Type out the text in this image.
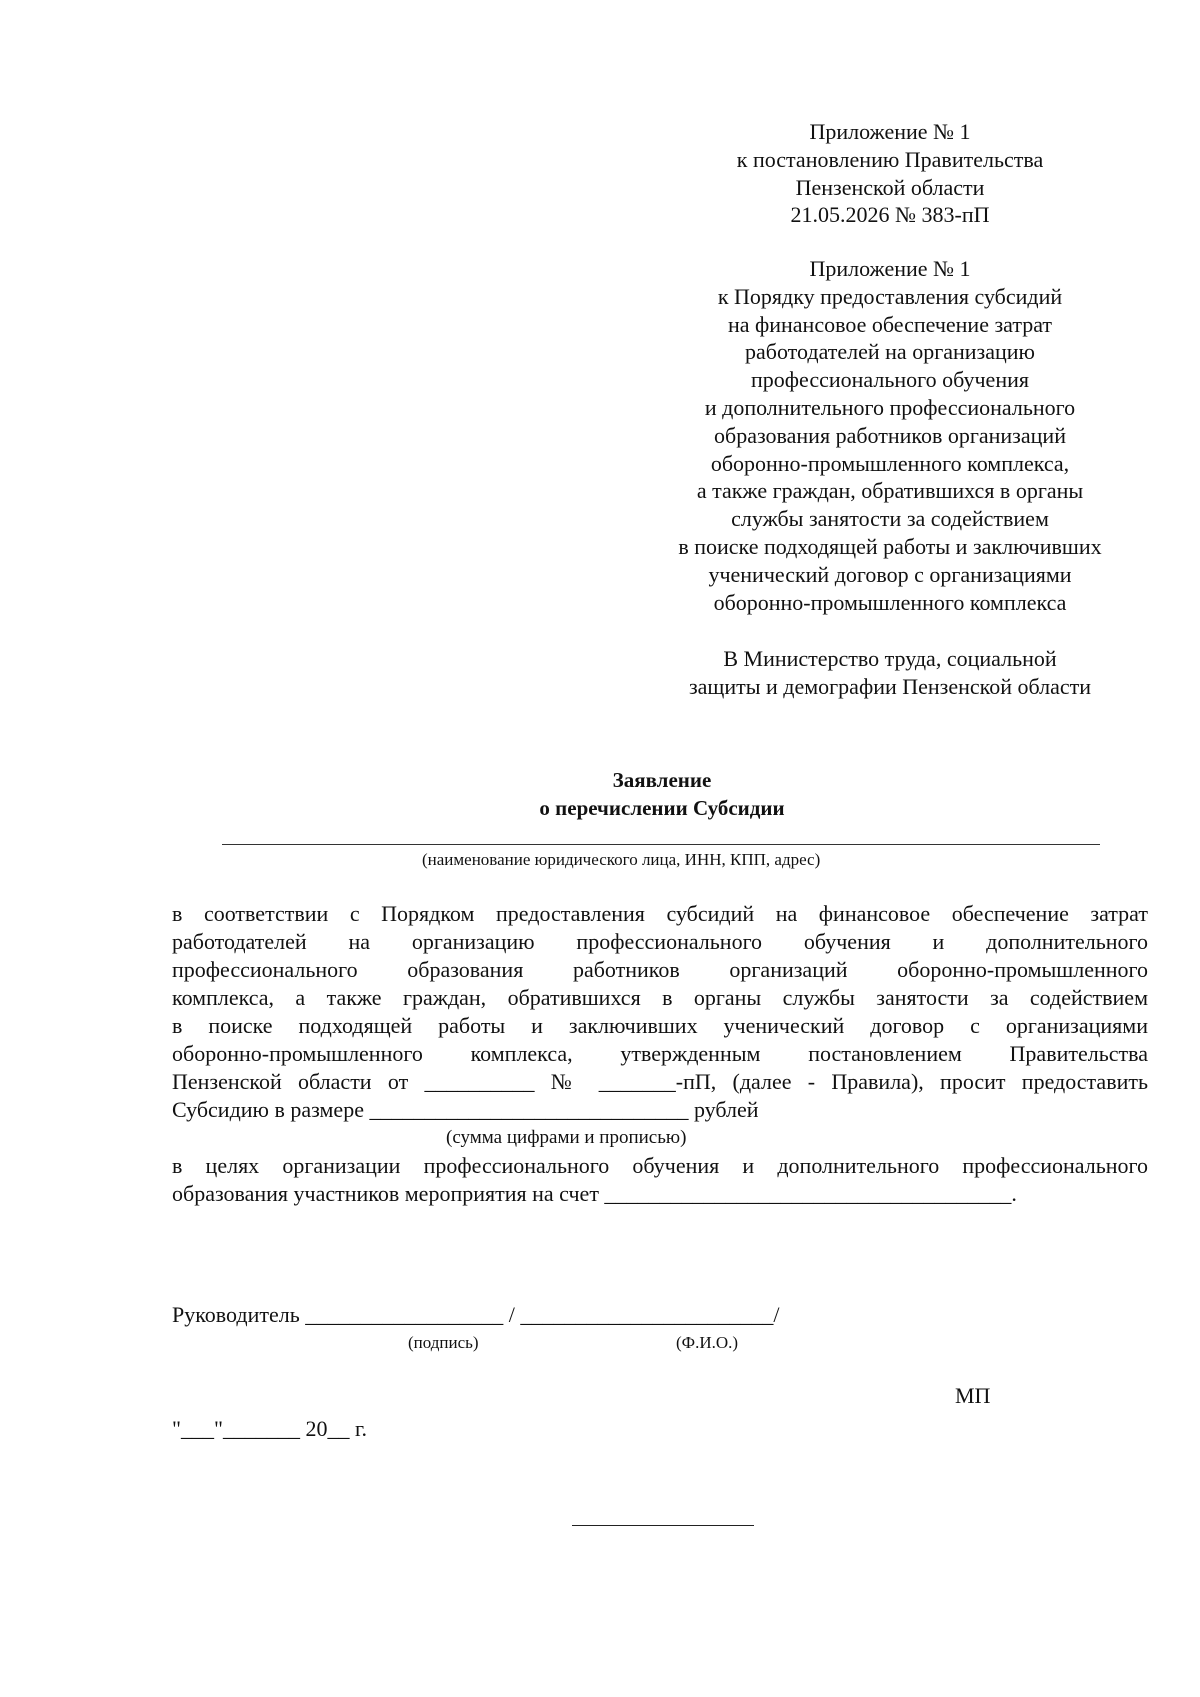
Приложение № 1
к постановлению Правительства
Пензенской области
21.05.2026 № 383-пП
Приложение № 1
к Порядку предоставления субсидий
на финансовое обеспечение затрат
работодателей на организацию
профессионального обучения
и дополнительного профессионального
образования работников организаций
оборонно-промышленного комплекса,
а также граждан, обратившихся в органы
службы занятости за содействием
в поиске подходящей работы и заключивших
ученический договор с организациями
оборонно-промышленного комплекса
В Министерство труда, социальной
защиты и демографии Пензенской области
Заявление
о перечислении Субсидии
(наименование юридического лица, ИНН, КПП, адрес)
в соответствии с Порядком предоставления субсидий на финансовое обеспечение затрат
работодателей на организацию профессионального обучения и дополнительного
профессионального образования работников организаций оборонно-промышленного
комплекса, а также граждан, обратившихся в органы службы занятости за содействием
в поиске подходящей работы и заключивших ученический договор с организациями
оборонно-промышленного комплекса, утвержденным постановлением Правительства
Пензенской области от __________ № _______-пП, (далее - Правила), просит предоставить
Субсидию в размере _____________________________ рублей
(сумма цифрами и прописью)
в целях организации профессионального обучения и дополнительного профессионального
образования участников мероприятия на счет _____________________________________.
Руководитель __________________ / _______________________/
(подпись)	(Ф.И.О.)
МП
"___"_______ 20__ г.
